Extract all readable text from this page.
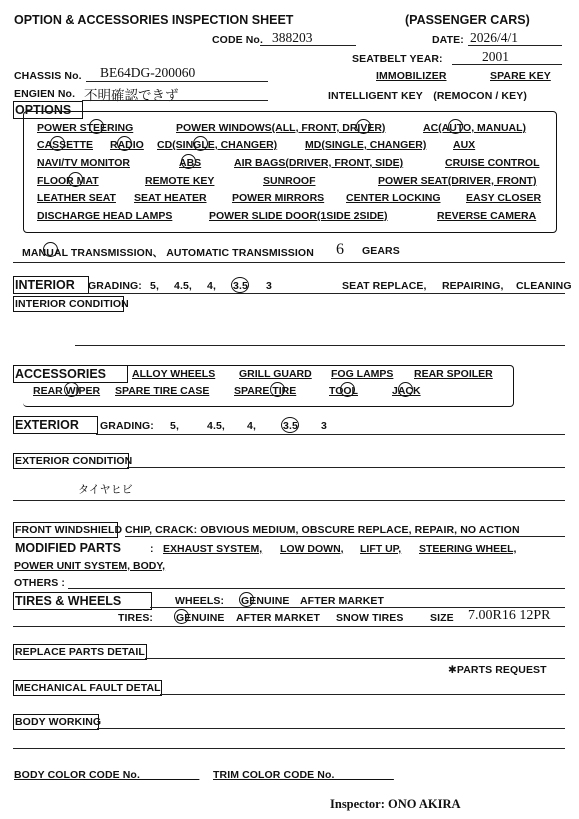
OPTION & ACCESSORIES INSPECTION SHEET	(PASSENGER CARS)
CODE No. 388203	DATE: 2026/4/1
SEATBELT YEAR:	2001
CHASSIS No. BE64DG-200060	IMMOBILIZER	SPARE KEY
ENGIEN No. 不明確認できず	INTELLIGENT KEY　(REMOCON / KEY)
OPTIONS
POWER STEERING	POWER WINDOWS(ALL, FRONT, DRIVER)	AC(AUTO, MANUAL)
CASSETTE RADIO CD(SINGLE, CHANGER)	MD(SINGLE, CHANGER)	AUX
NAVI/TV MONITOR	ABS	AIR BAGS(DRIVER, FRONT, SIDE)	CRUISE CONTROL
FLOOR MAT	REMOTE KEY	SUNROOF	POWER SEAT(DRIVER, FRONT)
LEATHER SEAT SEAT HEATER POWER MIRRORS CENTER LOCKING EASY CLOSER
DISCHARGE HEAD LAMPS	POWER SLIDE DOOR(1SIDE 2SIDE)	REVERSE CAMERA
MANUAL TRANSMISSION、 AUTOMATIC TRANSMISSION 6 GEARS
INTERIOR GRADING: 5, 4.5, 4, 3.5 3	SEAT REPLACE, REPAIRING, CLEANING
INTERIOR CONDITION
ACCESSORIES ALLOY WHEELS GRILL GUARD FOG LAMPS REAR SPOILER
REAR WIPER SPARE TIRE CASE SPARE TIRE	TOOL	JACK
EXTERIOR GRADING: 5,	4.5, 4,	3.5 3
EXTERIOR CONDITION
タイヤヒビ
FRONT WINDSHIELD CHIP, CRACK: OBVIOUS MEDIUM, OBSCURE REPLACE, REPAIR, NO ACTION
MODIFIED PARTS	: EXHAUST SYSTEM, LOW DOWN, LIFT UP, STEERING WHEEL,
POWER UNIT SYSTEM, BODY,
OTHERS :
TIRES & WHEELS	WHEELS: GENUINE AFTER MARKET
TIRES: GENUINE AFTER MARKET SNOW TIRES	SIZE 7.00R16 12PR
REPLACE PARTS DETAIL
✱PARTS REQUEST
MECHANICAL FAULT DETAL
BODY WORKING
BODY COLOR CODE No.__________ TRIM COLOR CODE No.__________
Inspector: ONO AKIRA
